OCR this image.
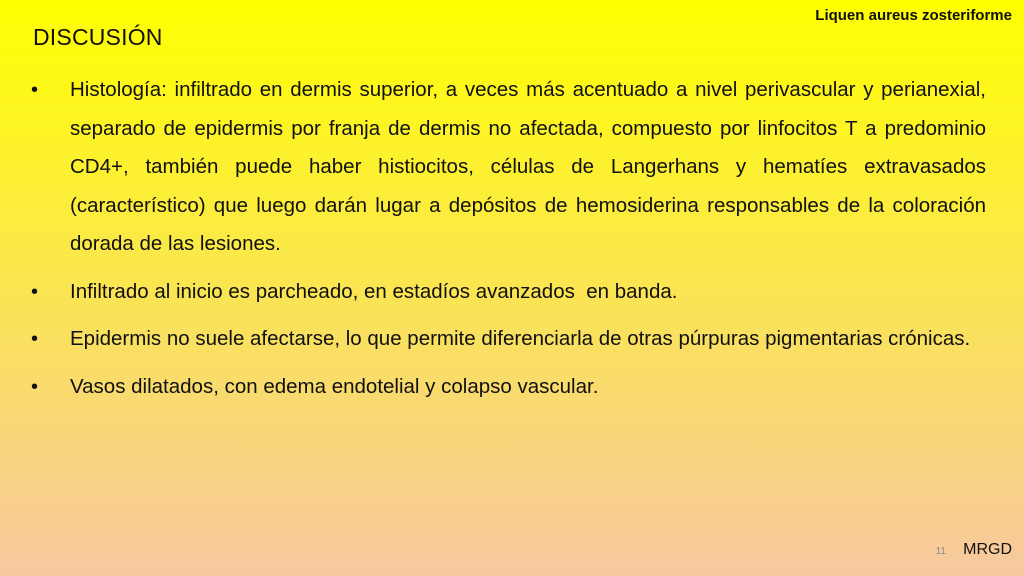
Liquen aureus zosteriforme
DISCUSIÓN
•	Histología: infiltrado en dermis superior, a veces más acentuado a nivel perivascular y perianexial, separado de epidermis por franja de dermis no afectada, compuesto por linfocitos T a predominio CD4+, también puede haber histiocitos, células de Langerhans y hematíes extravasados (característico) que luego darán lugar a depósitos de hemosiderina responsables de la coloración dorada de las lesiones.
•	Infiltrado al inicio es parcheado, en estadíos avanzados  en banda.
•	Epidermis no suele afectarse, lo que permite diferenciarla de otras púrpuras pigmentarias crónicas.
•	Vasos dilatados, con edema endotelial y colapso vascular.
11 MRGD
